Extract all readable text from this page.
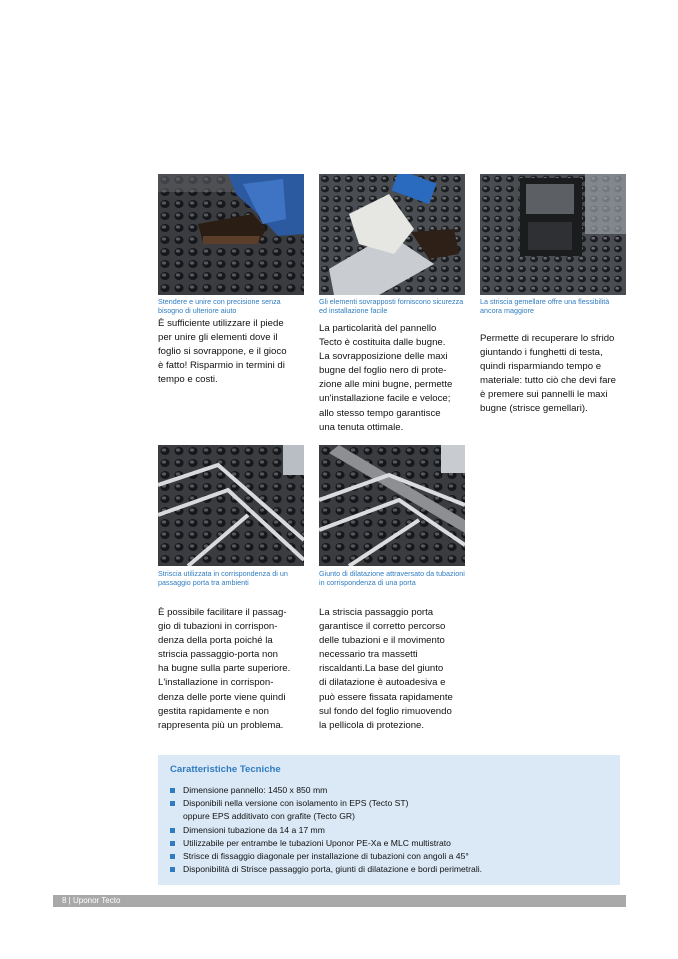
Stendere e unire con precisione senza bisogno di ulteriore aiuto
Gli elementi sovrapposti forniscono sicurezza ed installazione facile
La striscia gemellare offre una flessibilità ancora maggiore
È sufficiente utilizzare il piede
per unire gli elementi dove il
foglio si sovrappone, e il gioco
è fatto! Risparmio in termini di
tempo e costi.
La particolarità del pannello
Tecto è costituita dalle bugne.
La sovrapposizione delle maxi
bugne del foglio nero di prote-
zione alle mini bugne, permette
un'installazione facile e veloce;
allo stesso tempo garantisce
una tenuta ottimale.
Permette di recuperare lo sfrido
giuntando i funghetti di testa,
quindi risparmiando tempo e
materiale: tutto ciò che devi fare
è premere sui pannelli le maxi
bugne (strisce gemellari).
Striscia utilizzata in corrispondenza di un passaggio porta tra ambienti
Giunto di dilatazione attraversato da tubazioni in corrispondenza di una porta
È possibile facilitare il passag-
gio di tubazioni in corrispon-
denza della porta poiché la
striscia passaggio-porta non
ha bugne sulla parte superiore.
L'installazione in corrispon-
denza delle porte viene quindi
gestita rapidamente e non
rappresenta più un problema.
La striscia passaggio porta
garantisce il corretto percorso
delle tubazioni e il movimento
necessario tra massetti
riscaldanti.La base del giunto
di dilatazione è autoadesiva e
può essere fissata rapidamente
sul fondo del foglio rimuovendo
la pellicola di protezione.
Caratteristiche Tecniche
Dimensione pannello: 1450 x 850 mm
Disponibili nella versione con isolamento in EPS (Tecto ST)
oppure EPS additivato con grafite (Tecto GR)
Dimensioni tubazione da 14 a 17 mm
Utilizzabile per entrambe le tubazioni Uponor PE-Xa e MLC multistrato
Strisce di fissaggio diagonale per installazione di tubazioni con angoli a 45°
Disponibilità di Strisce passaggio porta, giunti di dilatazione e bordi perimetrali.
8 | Uponor Tecto
